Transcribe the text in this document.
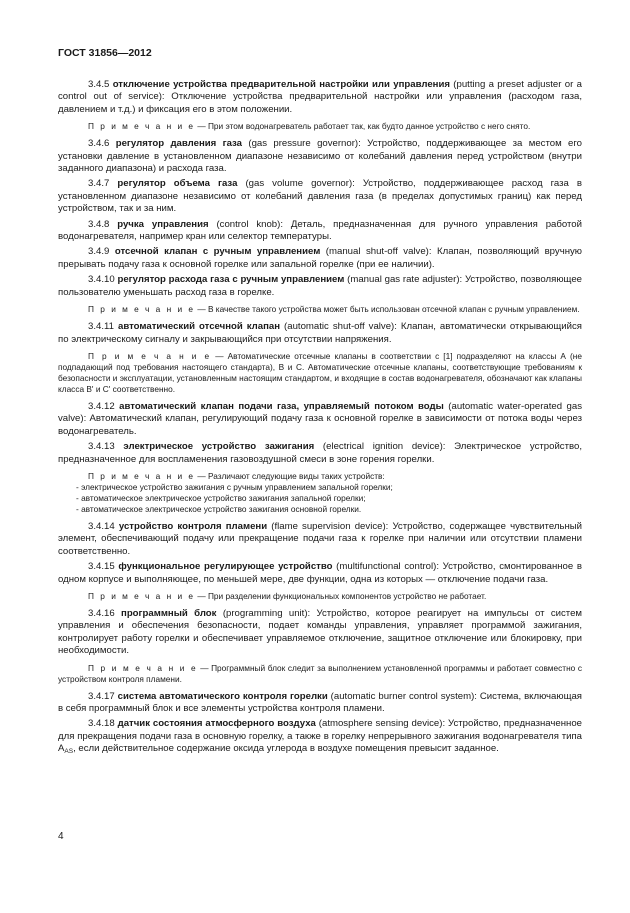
ГОСТ 31856—2012

3.4.5 отключение устройства предварительной настройки или управления (putting a preset adjuster or a control out of service): Отключение устройства предварительной настройки или управления (расходом газа, давлением и т.д.) и фиксация его в этом положении.

П р и м е ч а н и е — При этом водонагреватель работает так, как будто данное устройство с него снято.

3.4.6 регулятор давления газа (gas pressure governor): Устройство, поддерживающее за местом его установки давление в установленном диапазоне независимо от колебаний давления перед устройством (внутри заданного диапазона) и расхода газа.

3.4.7 регулятор объема газа (gas volume governor): Устройство, поддерживающее расход газа в установленном диапазоне независимо от колебаний давления газа (в пределах допустимых границ) как перед устройством, так и за ним.

3.4.8 ручка управления (control knob): Деталь, предназначенная для ручного управления работой водонагревателя, например кран или селектор температуры.

3.4.9 отсечной клапан с ручным управлением (manual shut-off valve): Клапан, позволяющий вручную прерывать подачу газа к основной горелке или запальной горелке (при ее наличии).

3.4.10 регулятор расхода газа с ручным управлением (manual gas rate adjuster): Устройство, позволяющее пользователю уменьшать расход газа в горелке.

П р и м е ч а н и е — В качестве такого устройства может быть использован отсечной клапан с ручным управлением.

3.4.11 автоматический отсечной клапан (automatic shut-off valve): Клапан, автоматически открывающийся по электрическому сигналу и закрывающийся при отсутствии напряжения.

П р и м е ч а н и е — Автоматические отсечные клапаны в соответствии с [1] подразделяют на классы А (не подпадающий под требования настоящего стандарта), В и С. Автоматические отсечные клапаны, соответствующие требованиям к безопасности и эксплуатации, установленным настоящим стандартом, и входящие в состав водонагревателя, обозначают как клапаны класса В' и С' соответственно.

3.4.12 автоматический клапан подачи газа, управляемый потоком воды (automatic water-operated gas valve): Автоматический клапан, регулирующий подачу газа к основной горелке в зависимости от потока воды через водонагреватель.

3.4.13 электрическое устройство зажигания (electrical ignition device): Электрическое устройство, предназначенное для воспламенения газовоздушной смеси в зоне горения горелки.

П р и м е ч а н и е — Различают следующие виды таких устройств:

- электрическое устройство зажигания с ручным управлением запальной горелки;
- автоматическое электрическое устройство зажигания запальной горелки;
- автоматическое электрическое устройство зажигания основной горелки.

3.4.14 устройство контроля пламени (flame supervision device): Устройство, содержащее чувствительный элемент, обеспечивающий подачу или прекращение подачи газа к горелке при наличии или отсутствии пламени соответственно.

3.4.15 функциональное регулирующее устройство (multifunctional control): Устройство, смонтированное в одном корпусе и выполняющее, по меньшей мере, две функции, одна из которых — отключение подачи газа.

П р и м е ч а н и е — При разделении функциональных компонентов устройство не работает.

3.4.16 программный блок (programming unit): Устройство, которое реагирует на импульсы от систем управления и обеспечения безопасности, подает команды управления, управляет программой зажигания, контролирует работу горелки и обеспечивает управляемое отключение, защитное отключение или блокировку, при необходимости.

П р и м е ч а н и е — Программный блок следит за выполнением установленной программы и работает совместно с устройством контроля пламени.

3.4.17 система автоматического контроля горелки (automatic burner control system): Система, включающая в себя программный блок и все элементы устройства контроля пламени.

3.4.18 датчик состояния атмосферного воздуха (atmosphere sensing device): Устройство, предназначенное для прекращения подачи газа в основную горелку, а также в горелку непрерывного зажигания водонагревателя типа $A_{AS}$, если действительное содержание оксида углерода в воздухе помещения превысит заданное.

4
